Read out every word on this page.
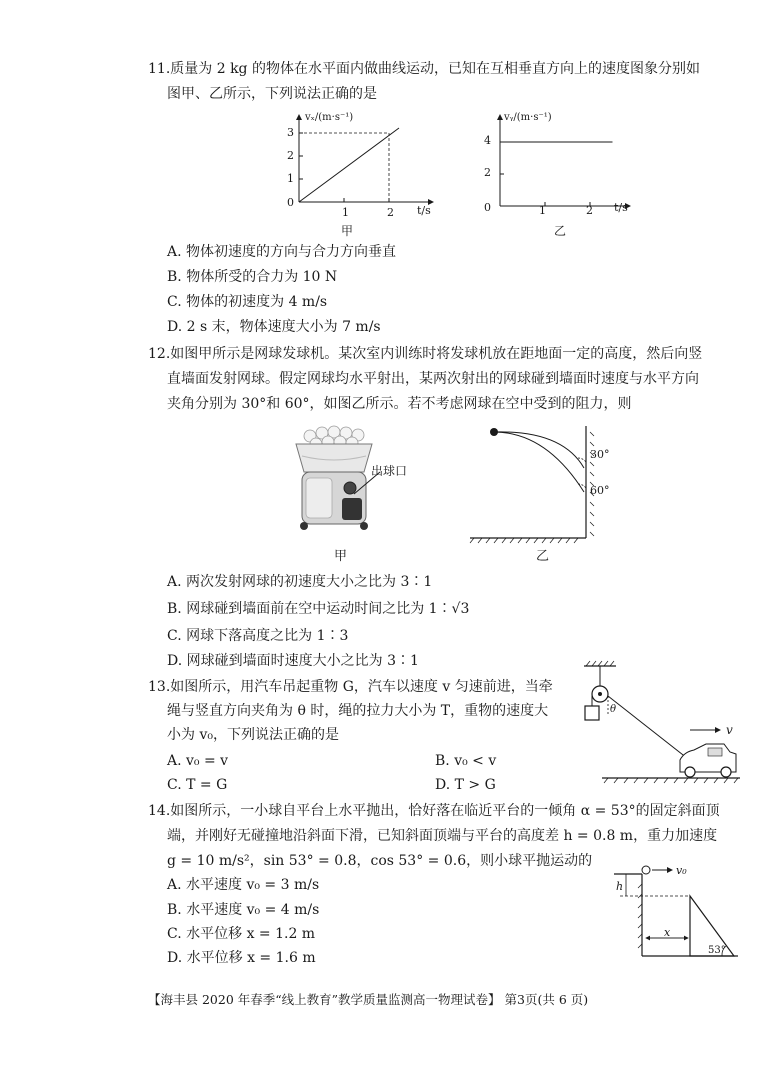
11.质量为 2 kg 的物体在水平面内做曲线运动，已知在互相垂直方向上的速度图象分别如
图甲、乙所示，下列说法正确的是
vₓ/(m·s⁻¹)
t/s
0
3
2
1
1	2
甲
vᵧ/(m·s⁻¹)
t/s
4
2
0	1	2
乙
A. 物体初速度的方向与合力方向垂直
B. 物体所受的合力为 10 N
C. 物体的初速度为 4 m/s
D. 2 s 末，物体速度大小为 7 m/s
12.如图甲所示是网球发球机。某次室内训练时将发球机放在距地面一定的高度，然后向竖
直墙面发射网球。假定网球均水平射出，某两次射出的网球碰到墙面时速度与水平方向
夹角分别为 30°和 60°，如图乙所示。若不考虑网球在空中受到的阻力，则
甲
出球口
30°
60°
乙
A. 两次发射网球的初速度大小之比为 3∶1
B. 网球碰到墙面前在空中运动时间之比为 1∶√3
C. 网球下落高度之比为 1∶3
D. 网球碰到墙面时速度大小之比为 3∶1
13.如图所示，用汽车吊起重物 G，汽车以速度 v 匀速前进，当牵
绳与竖直方向夹角为 θ 时，绳的拉力大小为 T，重物的速度大
小为 v₀，下列说法正确的是
A. v₀ = v	B. v₀ < v
C. T = G	D. T > G
θ
v
14.如图所示，一小球自平台上水平抛出，恰好落在临近平台的一倾角 α = 53°的固定斜面顶
端，并刚好无碰撞地沿斜面下滑，已知斜面顶端与平台的高度差 h = 0.8 m，重力加速度
g = 10 m/s²，sin 53° = 0.8，cos 53° = 0.6，则小球平抛运动的
A. 水平速度 v₀ = 3 m/s
B. 水平速度 v₀ = 4 m/s
C. 水平位移 x = 1.2 m
D. 水平位移 x = 1.6 m
v₀
h
x
53°
【海丰县 2020 年春季“线上教育”教学质量监测高一物理试卷】 第3页(共 6 页)
